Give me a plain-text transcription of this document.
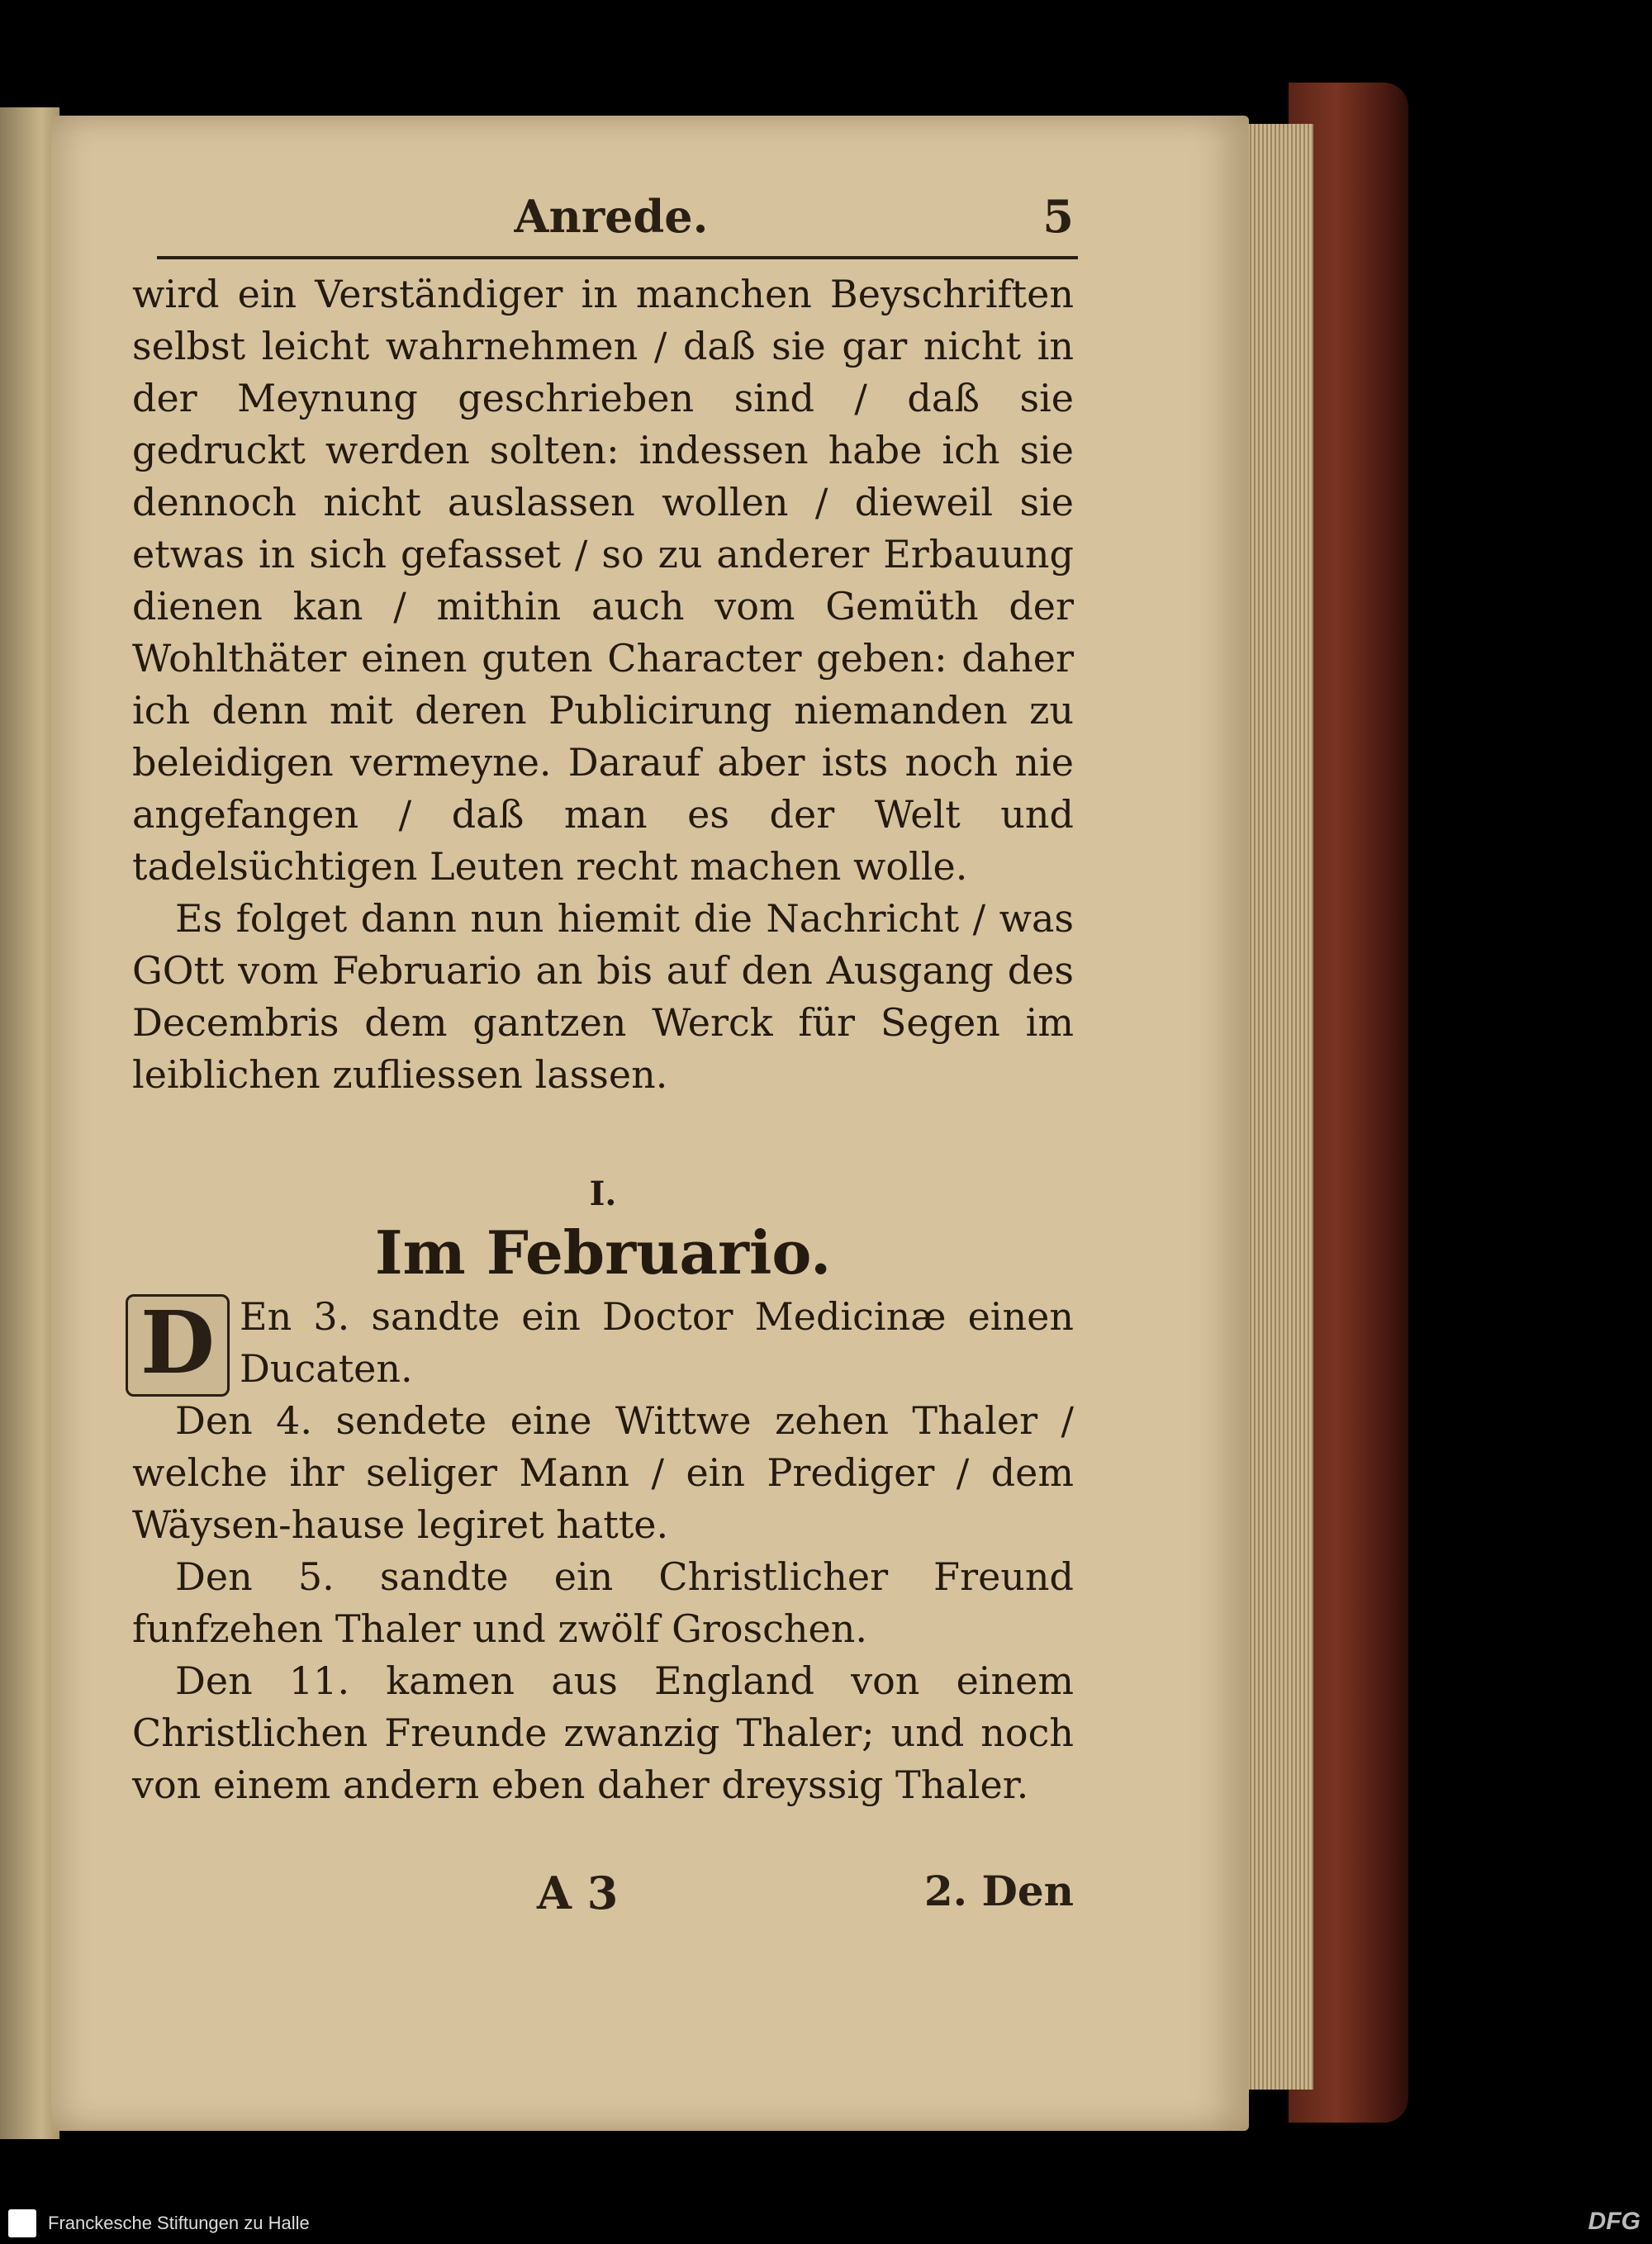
Anrede.	5

wird ein Verständiger in manchen Beyschriften selbst leicht wahrnehmen / daß sie gar nicht in der Meynung geschrieben sind / daß sie gedruckt werden solten: indessen habe ich sie dennoch nicht auslassen wollen / dieweil sie etwas in sich gefasset / so zu anderer Erbauung dienen kan / mithin auch vom Gemüth der Wohlthäter einen guten Character geben: daher ich denn mit deren Publicirung niemanden zu beleidigen vermeyne. Darauf aber ists noch nie angefangen / daß man es der Welt und tadelsüchtigen Leuten recht machen wolle.

Es folget dann nun hiemit die Nachricht / was GOtt vom Februario an bis auf den Ausgang des Decembris dem gantzen Werck für Segen im leiblichen zufliessen lassen.

I.
Im Februario.
D En 3. sandte ein Doctor Medicinæ einen Ducaten.

Den 4. sendete eine Wittwe zehen Thaler / welche ihr seliger Mann / ein Prediger / dem Wäysen-hause legiret hatte.

Den 5. sandte ein Christlicher Freund funfzehen Thaler und zwölf Groschen.

Den 11. kamen aus England von einem Christlichen Freunde zwanzig Thaler; und noch von einem andern eben daher dreyssig Thaler.

A 3	2. Den
Franckesche Stiftungen zu Halle	DFG
